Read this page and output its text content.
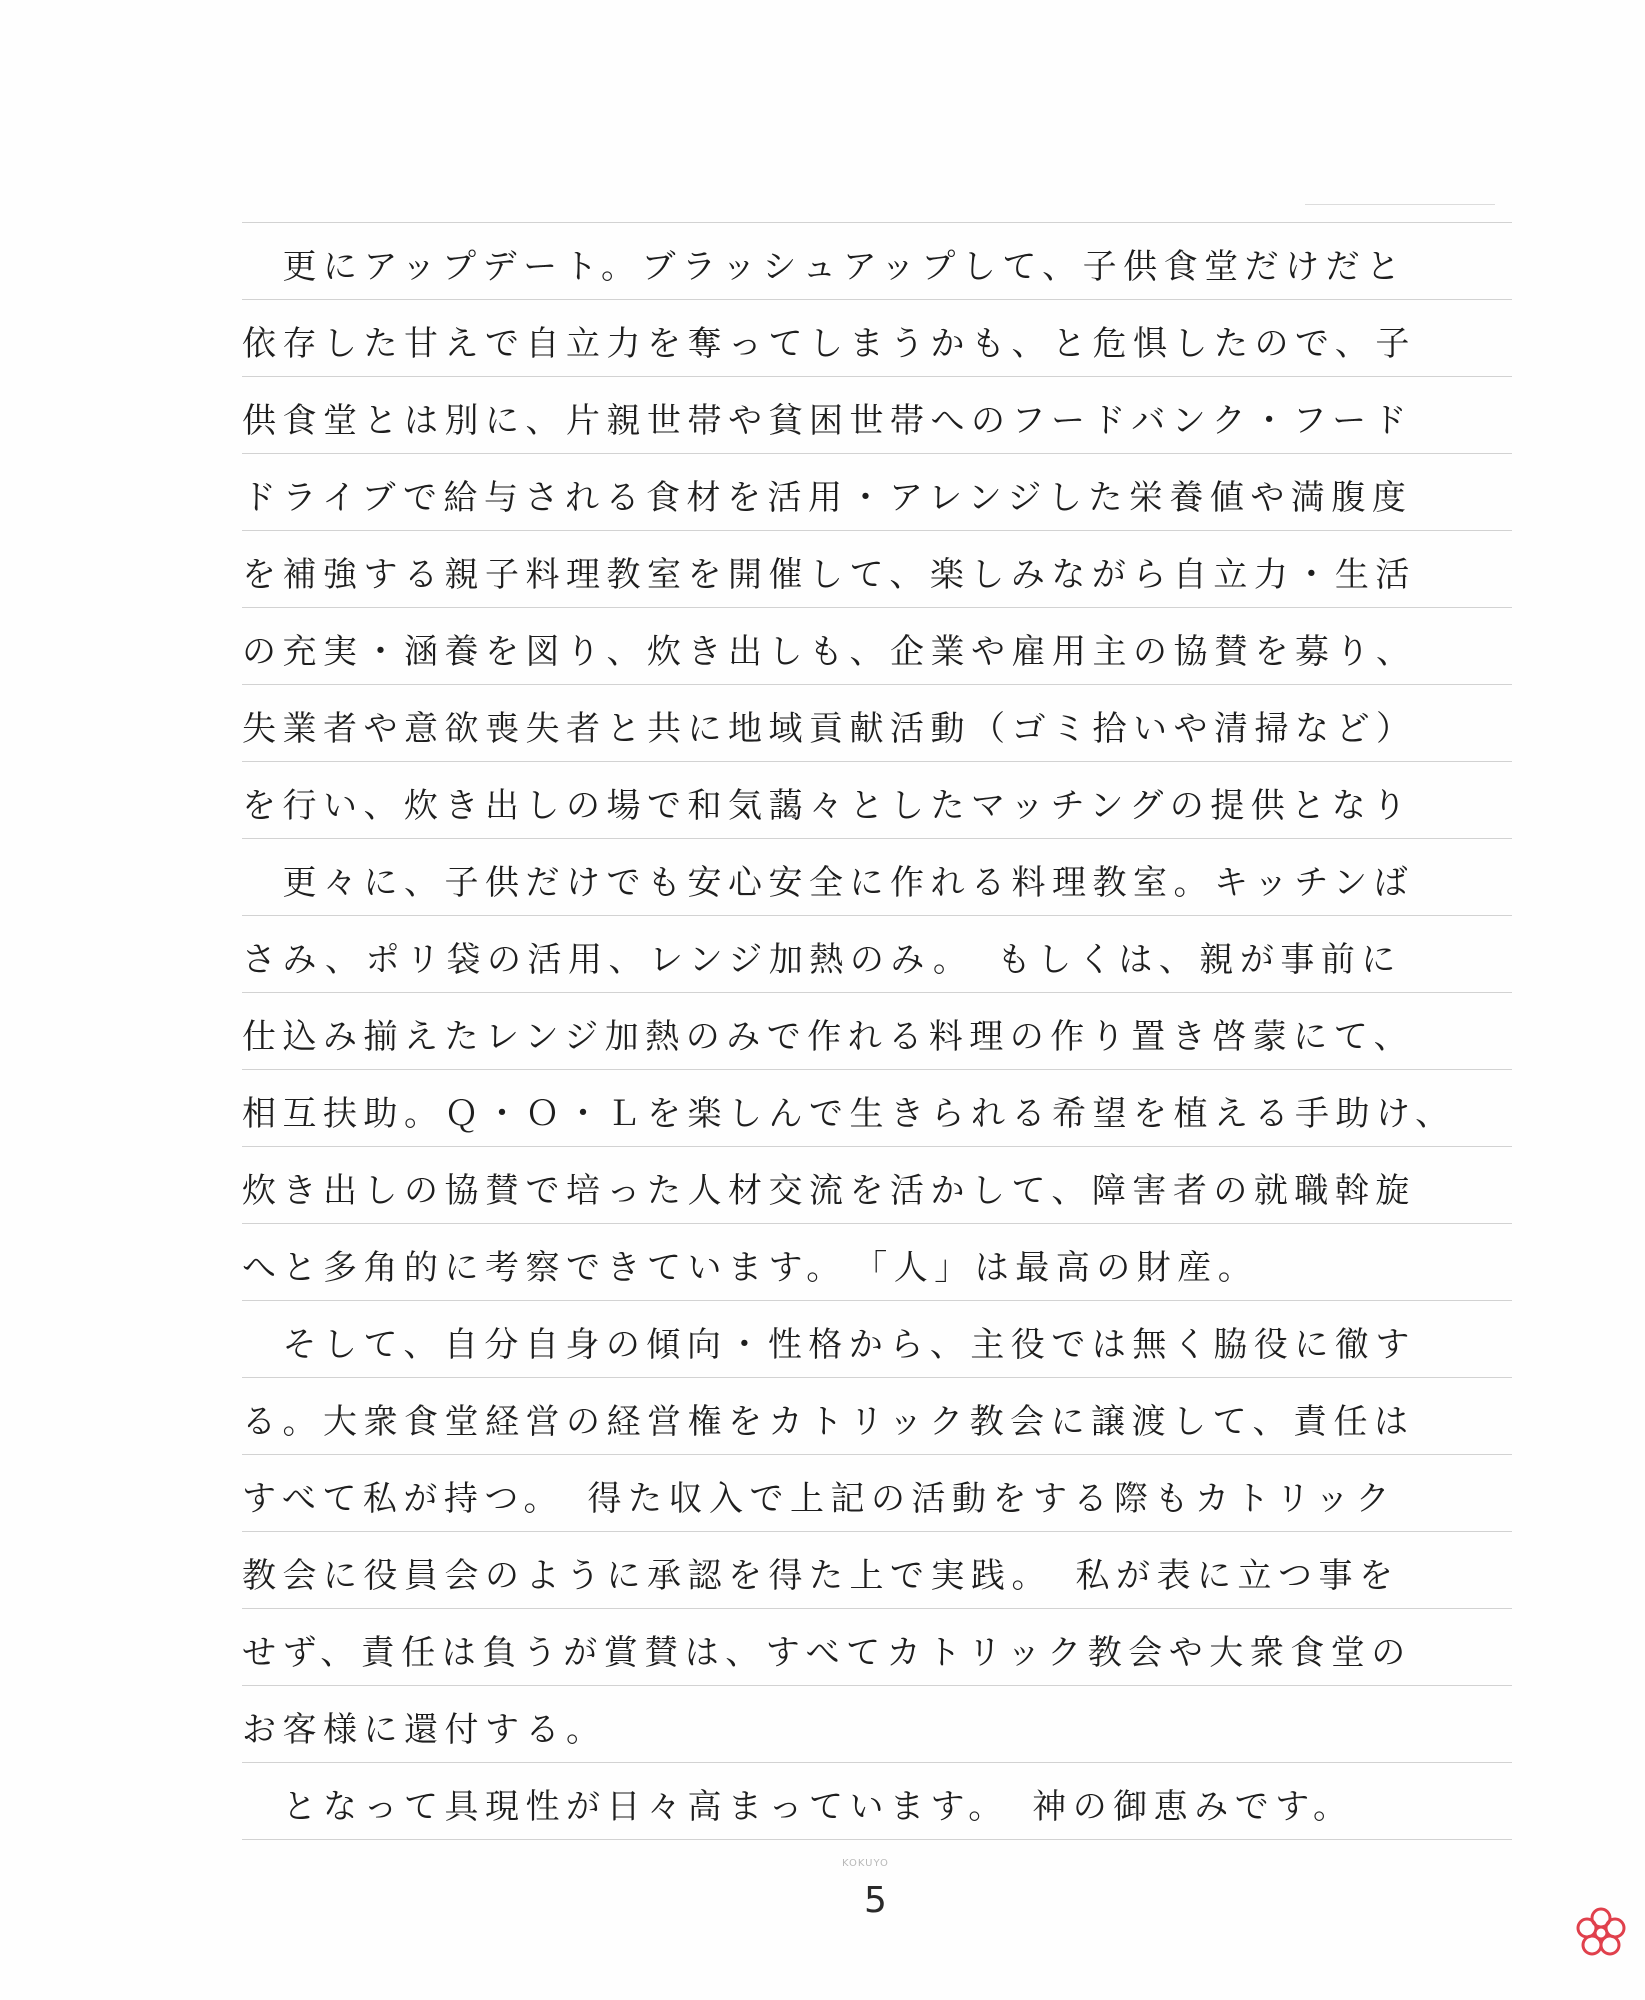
　更にアップデート。ブラッシュアップして、子供食堂だけだと
依存した甘えで自立力を奪ってしまうかも、と危惧したので、子
供食堂とは別に、片親世帯や貧困世帯へのフードバンク・フード
ドライブで給与される食材を活用・アレンジした栄養値や満腹度
を補強する親子料理教室を開催して、楽しみながら自立力・生活
の充実・涵養を図り、炊き出しも、企業や雇用主の協賛を募り、
失業者や意欲喪失者と共に地域貢献活動（ゴミ拾いや清掃など）
を行い、炊き出しの場で和気藹々としたマッチングの提供となり
　更々に、子供だけでも安心安全に作れる料理教室。キッチンば
さみ、ポリ袋の活用、レンジ加熱のみ。　もしくは、親が事前に
仕込み揃えたレンジ加熱のみで作れる料理の作り置き啓蒙にて、
相互扶助。Ｑ・Ｏ・Ｌを楽しんで生きられる希望を植える手助け、
炊き出しの協賛で培った人材交流を活かして、障害者の就職斡旋
へと多角的に考察できています。　「人」は最高の財産。
　そして、自分自身の傾向・性格から、主役では無く脇役に徹す
る。大衆食堂経営の経営権をカトリック教会に譲渡して、責任は
すべて私が持つ。　得た収入で上記の活動をする際もカトリック
教会に役員会のように承認を得た上で実践。　私が表に立つ事を
せず、責任は負うが賞賛は、すべてカトリック教会や大衆食堂の
お客様に還付する。
　となって具現性が日々高まっています。　神の御恵みです。
KOKUYO
5
